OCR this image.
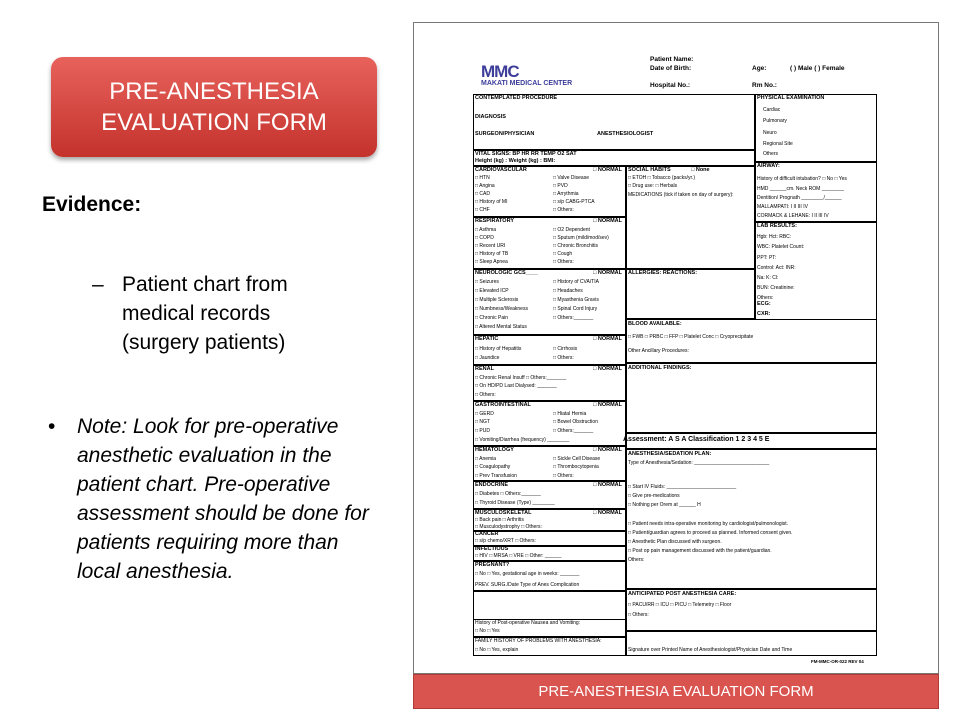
PRE-ANESTHESIA
EVALUATION FORM
Evidence:
– Patient chart from medical records (surgery patients)
• Note: Look for pre-operative anesthetic evaluation in the patient chart. Pre-operative assessment should be done for patients requiring more than local anesthesia.
MMC
MAKATI MEDICAL CENTER
Patient Name:
Date of Birth:
Hospital No.:
Age:	( ) Male ( ) Female
Rm No.:
CONTEMPLATED PROCEDURE
DIAGNOSIS
SURGEON/PHYSICIAN	ANESTHESIOLOGIST
VITAL SIGNS: BP HR RR TEMP O2 SAT
Height (kg) : Weight (kg) : BMI:
PHYSICAL EXAMINATION
Cardiac
Pulmonary
Neuro
Regional Site
Others
AIRWAY:
History of difficult intubation? □ No □ Yes
HMD ______cm. Neck ROM ________
Dentition/ Prognath ________/______
MALLAMPATI: I II III IV
CORMACK & LEHANE: I II III IV
LAB RESULTS:
Hgb: Hct: RBC:
WBC: Platelet Count:
PPT: PT:
Control: Act: INR:
Na: K: Cl:
BUN: Creatinine:
Others:
ECG:
CXR:
CARDIOVASCULAR	□ NORMAL
□ HTN
□ Angina
□ CAD
□ History of MI
□ CHF
□ Valve Disease
□ PVD
□ Arrythmia
□ s/p CABG-PTCA
□ Others:
SOCIAL HABITS	□ None
□ ETOH □ Tobacco (packs/yr.)
□ Drug use: □ Herbals
MEDICATIONS (tick if taken on day of surgery):
RESPIRATORY	□ NORMAL
□ Asthma
□ COPD
□ Recent URI
□ History of TB
□ Sleep Apnea
□ O2 Dependent
□ Sputum (mild/mod/sev)
□ Chronic Bronchitis
□ Cough
□ Others:
NEUROLOGIC GCS____	□ NORMAL
□ Seizures
□ Elevated ICP
□ Multiple Sclerosis
□ Numbness/Weakness
□ Chronic Pain
□ Altered Mental Status
□ History of CVA/TIA
□ Headaches
□ Myasthenia Gravis
□ Spinal Cord Injury
□ Others:_______
ALLERGIES: REACTIONS:
HEPATIC	□ NORMAL
□ History of Hepatitis
□ Jaundice
□ Cirrhosis
□ Others:
BLOOD AVAILABLE:
□ FWB □ PRBC □ FFP □ Platelet Conc □ Cryoprecipitate
Other Ancillary Procedures:
RENAL	□ NORMAL
□ Chronic Renal Insuff □ Others:_______
□ On HD/PD Last Dialysed: _______
□ Others:
ADDITIONAL FINDINGS:
GASTROINTESTINAL	□ NORMAL
□ GERD
□ NGT
□ PUD
□ Vomiting/Diarrhea (frequency) ________
□ Hiatal Hernia
□ Bowel Obstruction
□ Others:_______
Assessment: A S A Classification 1 2 3 4 5 E
HEMATOLOGY	□ NORMAL
□ Anemia
□ Coagulopathy
□ Prev Transfusion
□ Sickle Cell Disease
□ Thrombocytopenia
□ Others:
ANESTHESIA/SEDATION PLAN:
Type of Anesthesia/Sedation: ___________________________
□ Start IV Fluids: _________________________
□ Give pre-medications
□ Nothing per Orem at ______ H
□ Patient needs intra-operative monitoring by cardiologist/pulmonologist.
□ Patient/guardian agrees to proceed as planned. Informed consent given.
□ Anesthetic Plan discussed with surgeon.
□ Post op pain management discussed with the patient/guardian.
Others:
ENDOCRINE	□ NORMAL
□ Diabetes □ Others:_______
□ Thyroid Disease (Type) ________
MUSCULOSKELETAL	□ NORMAL
□ Back pain □ Arthritis
□ Musculodystrophy □ Others:
CANCER
□ s/p chemo/XRT □ Others:
INFECTIOUS
□ HIV □ MRSA □ VRE □ Other: ______
PREGNANT?
□ No □ Yes, gestational age in weeks: _______
PREV. SURG./Date Type of Anes Complication
ANTICIPATED POST ANESTHESIA CARE:
□ PACU/RR □ ICU □ PICU □ Telemetry □ Floor
□ Others:
History of Post-operative Nausea and Vomiting:
□ No □ Yes
FAMILY HISTORY OF PROBLEMS WITH ANESTHESIA:
□ No □ Yes, explain	Signature over Printed Name of Anesthesiologist/Physician Date and Time
FM-MMC-OR-022 REV 04
PRE-ANESTHESIA EVALUATION FORM
